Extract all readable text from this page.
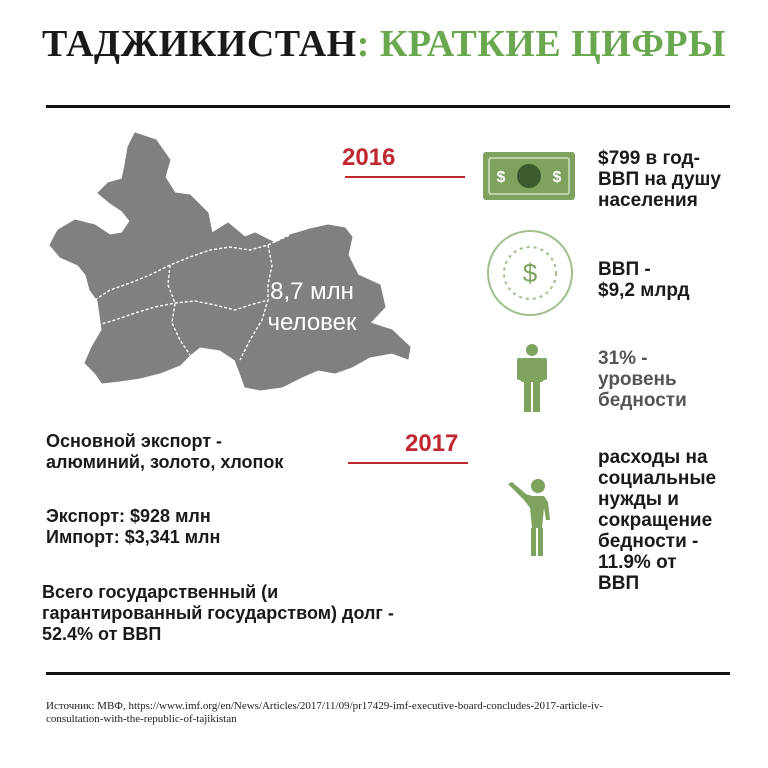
ТАДЖИКИСТАН: КРАТКИЕ ЦИФРЫ
8,7 млн
человек
2016
$	$
$799 в год-
ВВП на душу
населения
$	ВВП -
$9,2 млрд
31% -
уровень
бедности
расходы на
социальные
нужды и
сокращение
бедности -
11.9% от
ВВП
Основной экспорт -
алюминий, золото, хлопок
2017
Экспорт: $928 млн
Импорт: $3,341 млн
Всего государственный (и
гарантированный государством) долг -
52.4% от ВВП
Источник: МВФ, https://www.imf.org/en/News/Articles/2017/11/09/pr17429-imf-executive-board-concludes-2017-article-iv-
consultation-with-the-republic-of-tajikistan
